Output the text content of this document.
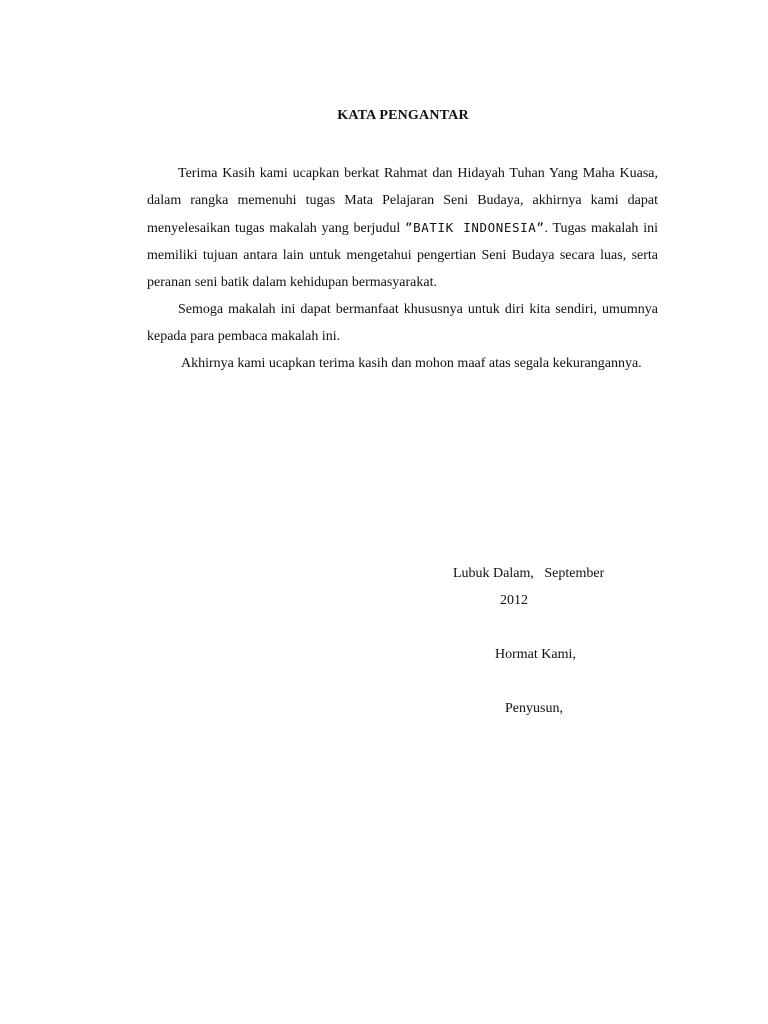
KATA PENGANTAR

Terima Kasih kami ucapkan berkat Rahmat dan Hidayah Tuhan Yang Maha Kuasa, dalam rangka memenuhi tugas Mata Pelajaran Seni Budaya, akhirnya kami dapat menyelesaikan tugas makalah yang berjudul ”BATIK INDONESIA”. Tugas makalah ini memiliki tujuan antara lain untuk mengetahui pengertian Seni Budaya secara luas, serta peranan seni batik dalam kehidupan bermasyarakat.

Semoga makalah ini dapat bermanfaat khususnya untuk diri kita sendiri, umumnya kepada para pembaca makalah ini.

Akhirnya kami ucapkan terima kasih dan mohon maaf atas segala kekurangannya.

Lubuk Dalam,   September
2012
Hormat Kami,
Penyusun,
